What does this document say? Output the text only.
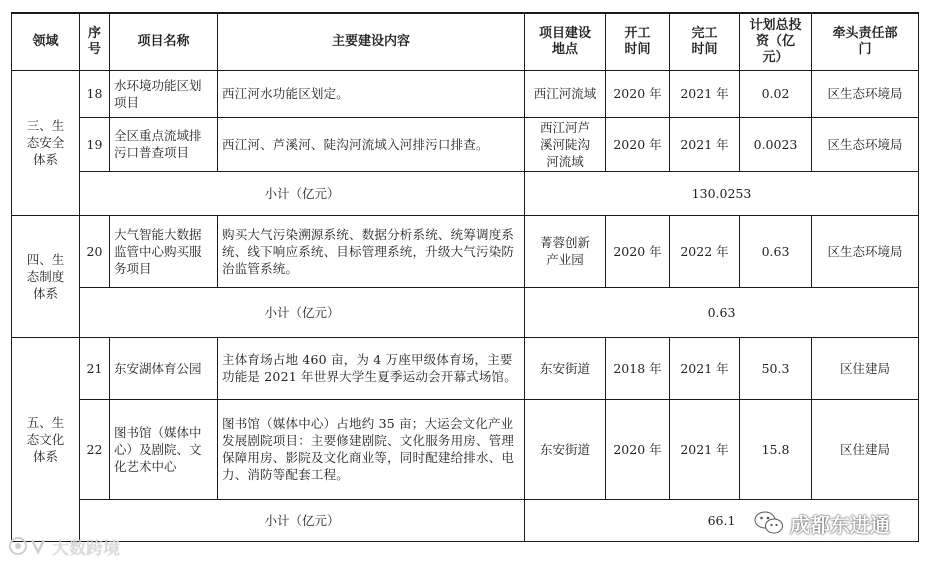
领域	序号	项目名称	主要建设内容	项目建设地点	开工时间	完工时间	计划总投资（亿元）	牵头责任部门
三、生态安全体系	18	水环境功能区划项目	西江河水功能区划定。	西江河流域	2020 年	2021 年	0.02	区生态环境局
	19	全区重点流域排污口普查项目	西江河、芦溪河、陡沟河流域入河排污口排查。	西江河芦溪河陡沟河流域	2020 年	2021 年	0.0023	区生态环境局
	小计（亿元）			130.0253				
四、生态制度体系	20	大气智能大数据监管中心购买服务项目	购买大气污染溯源系统、数据分析系统、统筹调度系统、线下响应系统、目标管理系统，升级大气污染防治监管系统。	菁蓉创新产业园	2020 年	2022 年	0.63	区生态环境局
	小计（亿元）			0.63				
五、生态文化体系	21	东安湖体育公园	主体育场占地 460 亩，为 4 万座甲级体育场，主要功能是 2021 年世界大学生夏季运动会开幕式场馆。	东安街道	2018 年	2021 年	50.3	区住建局
	22	图书馆（媒体中心）及剧院、文化艺术中心	图书馆（媒体中心）占地约 35 亩；大运会文化产业发展剧院项目：主要修建剧院、文化服务用房、管理保障用房、影院及文化商业等，同时配建给排水、电力、消防等配套工程。	东安街道	2020 年	2021 年	15.8	区住建局
	小计（亿元）			66.1					成都东进通
大数跨境
